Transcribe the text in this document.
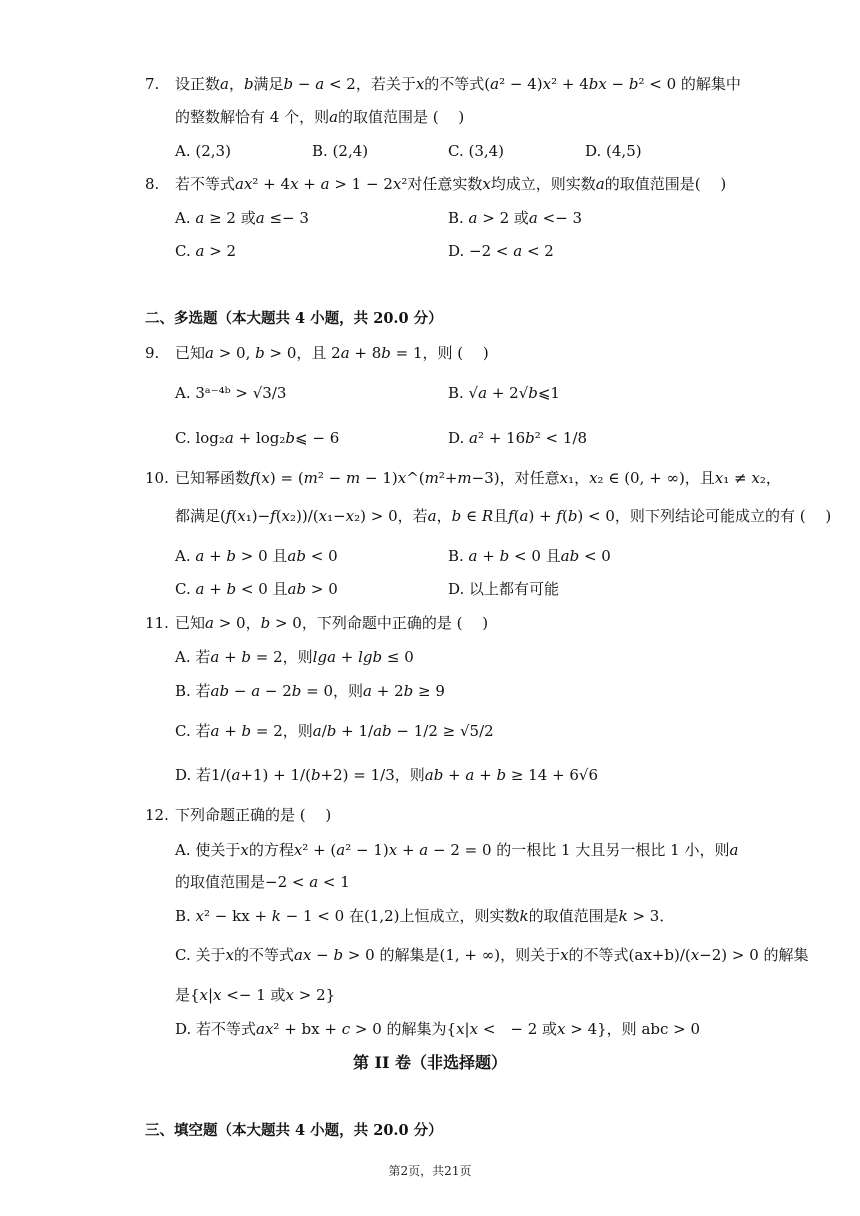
7. 设正数𝑎，𝑏满足𝑏 − 𝑎 < 2，若关于𝑥的不等式(𝑎² − 4)𝑥² + 4𝑏𝑥 − 𝑏² < 0 的解集中
的整数解恰有 4 个，则𝑎的取值范围是 (　 )
A. (2,3)	B. (2,4)	C. (3,4)	D. (4,5)
8. 若不等式𝑎𝑥² + 4𝑥 + 𝑎 > 1 − 2𝑥²对任意实数𝑥均成立，则实数𝑎的取值范围是(　 )
A. 𝑎 ≥ 2 或𝑎 ≤− 3	B. 𝑎 > 2 或𝑎 <− 3
C. 𝑎 > 2	D. −2 < 𝑎 < 2
二、多选题（本大题共 4 小题，共 20.0 分）
9. 已知𝑎 > 0, 𝑏 > 0，且 2𝑎 + 8𝑏 = 1，则 (　 )
A. 3ᵃ⁻⁴ᵇ > √3/3	B. √𝑎 + 2√𝑏⩽1
C. log₂𝑎 + log₂𝑏⩽ − 6	D. 𝑎² + 16𝑏² < 1/8
10. 已知幂函数𝑓(𝑥) = (𝑚² − 𝑚 − 1)𝑥^(𝑚²+𝑚−3)，对任意𝑥₁，𝑥₂ ∈ (0, + ∞)，且𝑥₁ ≠ 𝑥₂，
都满足(𝑓(𝑥₁)−𝑓(𝑥₂))/(𝑥₁−𝑥₂) > 0，若𝑎，𝑏 ∈ 𝑅且𝑓(𝑎) + 𝑓(𝑏) < 0，则下列结论可能成立的有 (　 )
A. 𝑎 + 𝑏 > 0 且𝑎𝑏 < 0	B. 𝑎 + 𝑏 < 0 且𝑎𝑏 < 0
C. 𝑎 + 𝑏 < 0 且𝑎𝑏 > 0	D. 以上都有可能
11. 已知𝑎 > 0，𝑏 > 0，下列命题中正确的是 (　 )
A. 若𝑎 + 𝑏 = 2，则𝑙𝑔𝑎 + 𝑙𝑔𝑏 ≤ 0
B. 若𝑎𝑏 − 𝑎 − 2𝑏 = 0，则𝑎 + 2𝑏 ≥ 9
C. 若𝑎 + 𝑏 = 2，则𝑎/𝑏 + 1/𝑎𝑏 − 1/2 ≥ √5/2
D. 若1/(𝑎+1) + 1/(𝑏+2) = 1/3，则𝑎𝑏 + 𝑎 + 𝑏 ≥ 14 + 6√6
12. 下列命题正确的是 (　 )
A. 使关于𝑥的方程𝑥² + (𝑎² − 1)𝑥 + 𝑎 − 2 = 0 的一根比 1 大且另一根比 1 小，则𝑎
的取值范围是−2 < 𝑎 < 1
B. 𝑥² − kx + 𝑘 − 1 < 0 在(1,2)上恒成立，则实数𝑘的取值范围是𝑘 > 3．
C. 关于𝑥的不等式𝑎𝑥 − 𝑏 > 0 的解集是(1, + ∞)，则关于𝑥的不等式(ax+b)/(𝑥−2) > 0 的解集
是{𝑥|𝑥 <− 1 或𝑥 > 2}
D. 若不等式𝑎𝑥² + bx + 𝑐 > 0 的解集为{𝑥|𝑥 <　− 2 或𝑥 > 4}，则 abc > 0
第 II 卷（非选择题）
三、填空题（本大题共 4 小题，共 20.0 分）
第2页，共21页
